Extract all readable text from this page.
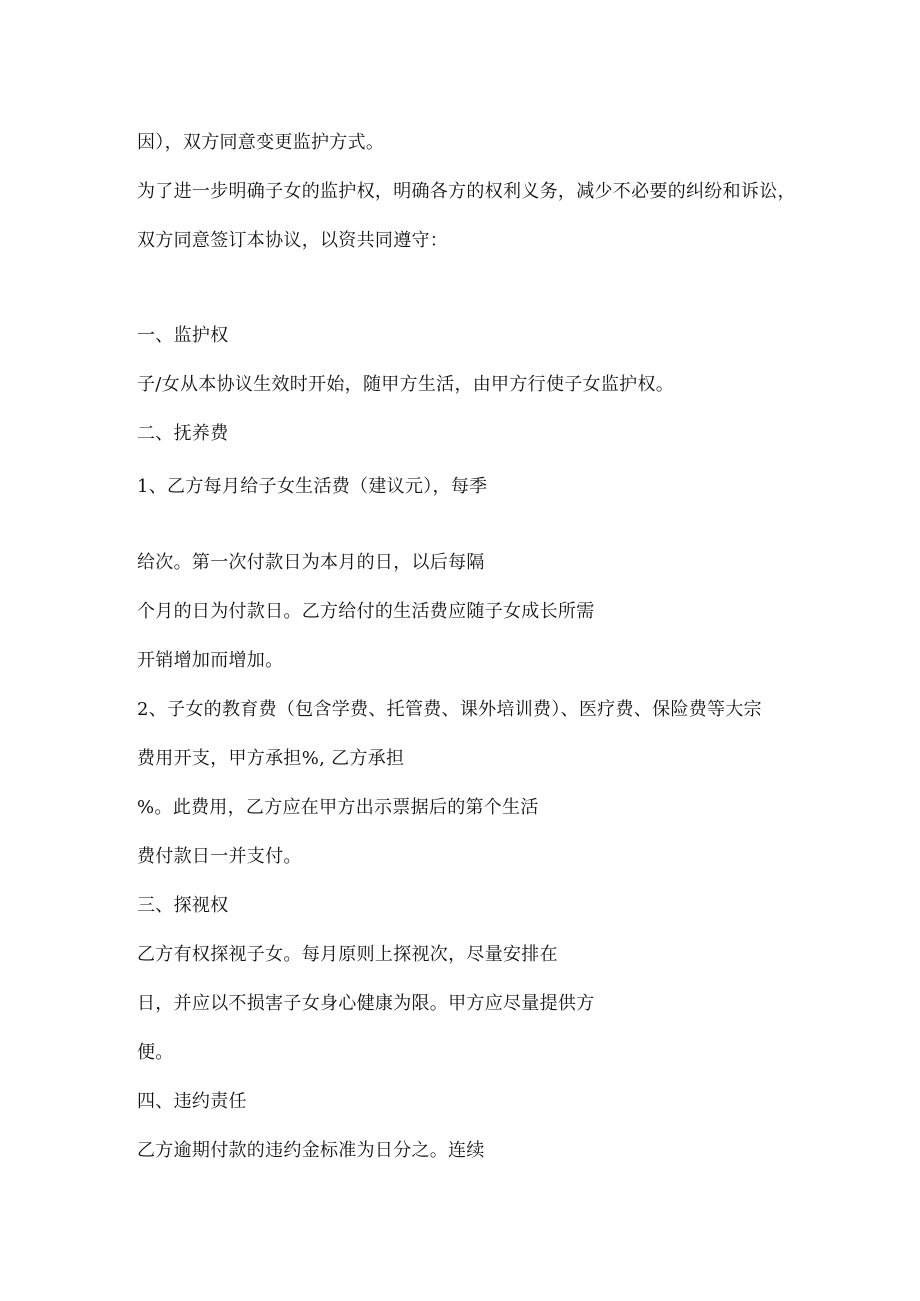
因），双方同意变更监护方式。
为了进一步明确子女的监护权，明确各方的权利义务，减少不必要的纠纷和诉讼，
双方同意签订本协议，以资共同遵守：
一、监护权
子/女从本协议生效时开始，随甲方生活，由甲方行使子女监护权。
二、抚养费
1、乙方每月给子女生活费（建议元），每季
给次。第一次付款日为本月的日，以后每隔
个月的日为付款日。乙方给付的生活费应随子女成长所需
开销增加而增加。
2、子女的教育费（包含学费、托管费、课外培训费）、医疗费、保险费等大宗
费用开支，甲方承担%, 乙方承担
%。此费用，乙方应在甲方出示票据后的第个生活
费付款日一并支付。
三、探视权
乙方有权探视子女。每月原则上探视次，尽量安排在
日，并应以不损害子女身心健康为限。甲方应尽量提供方
便。
四、违约责任
乙方逾期付款的违约金标准为日分之。连续
